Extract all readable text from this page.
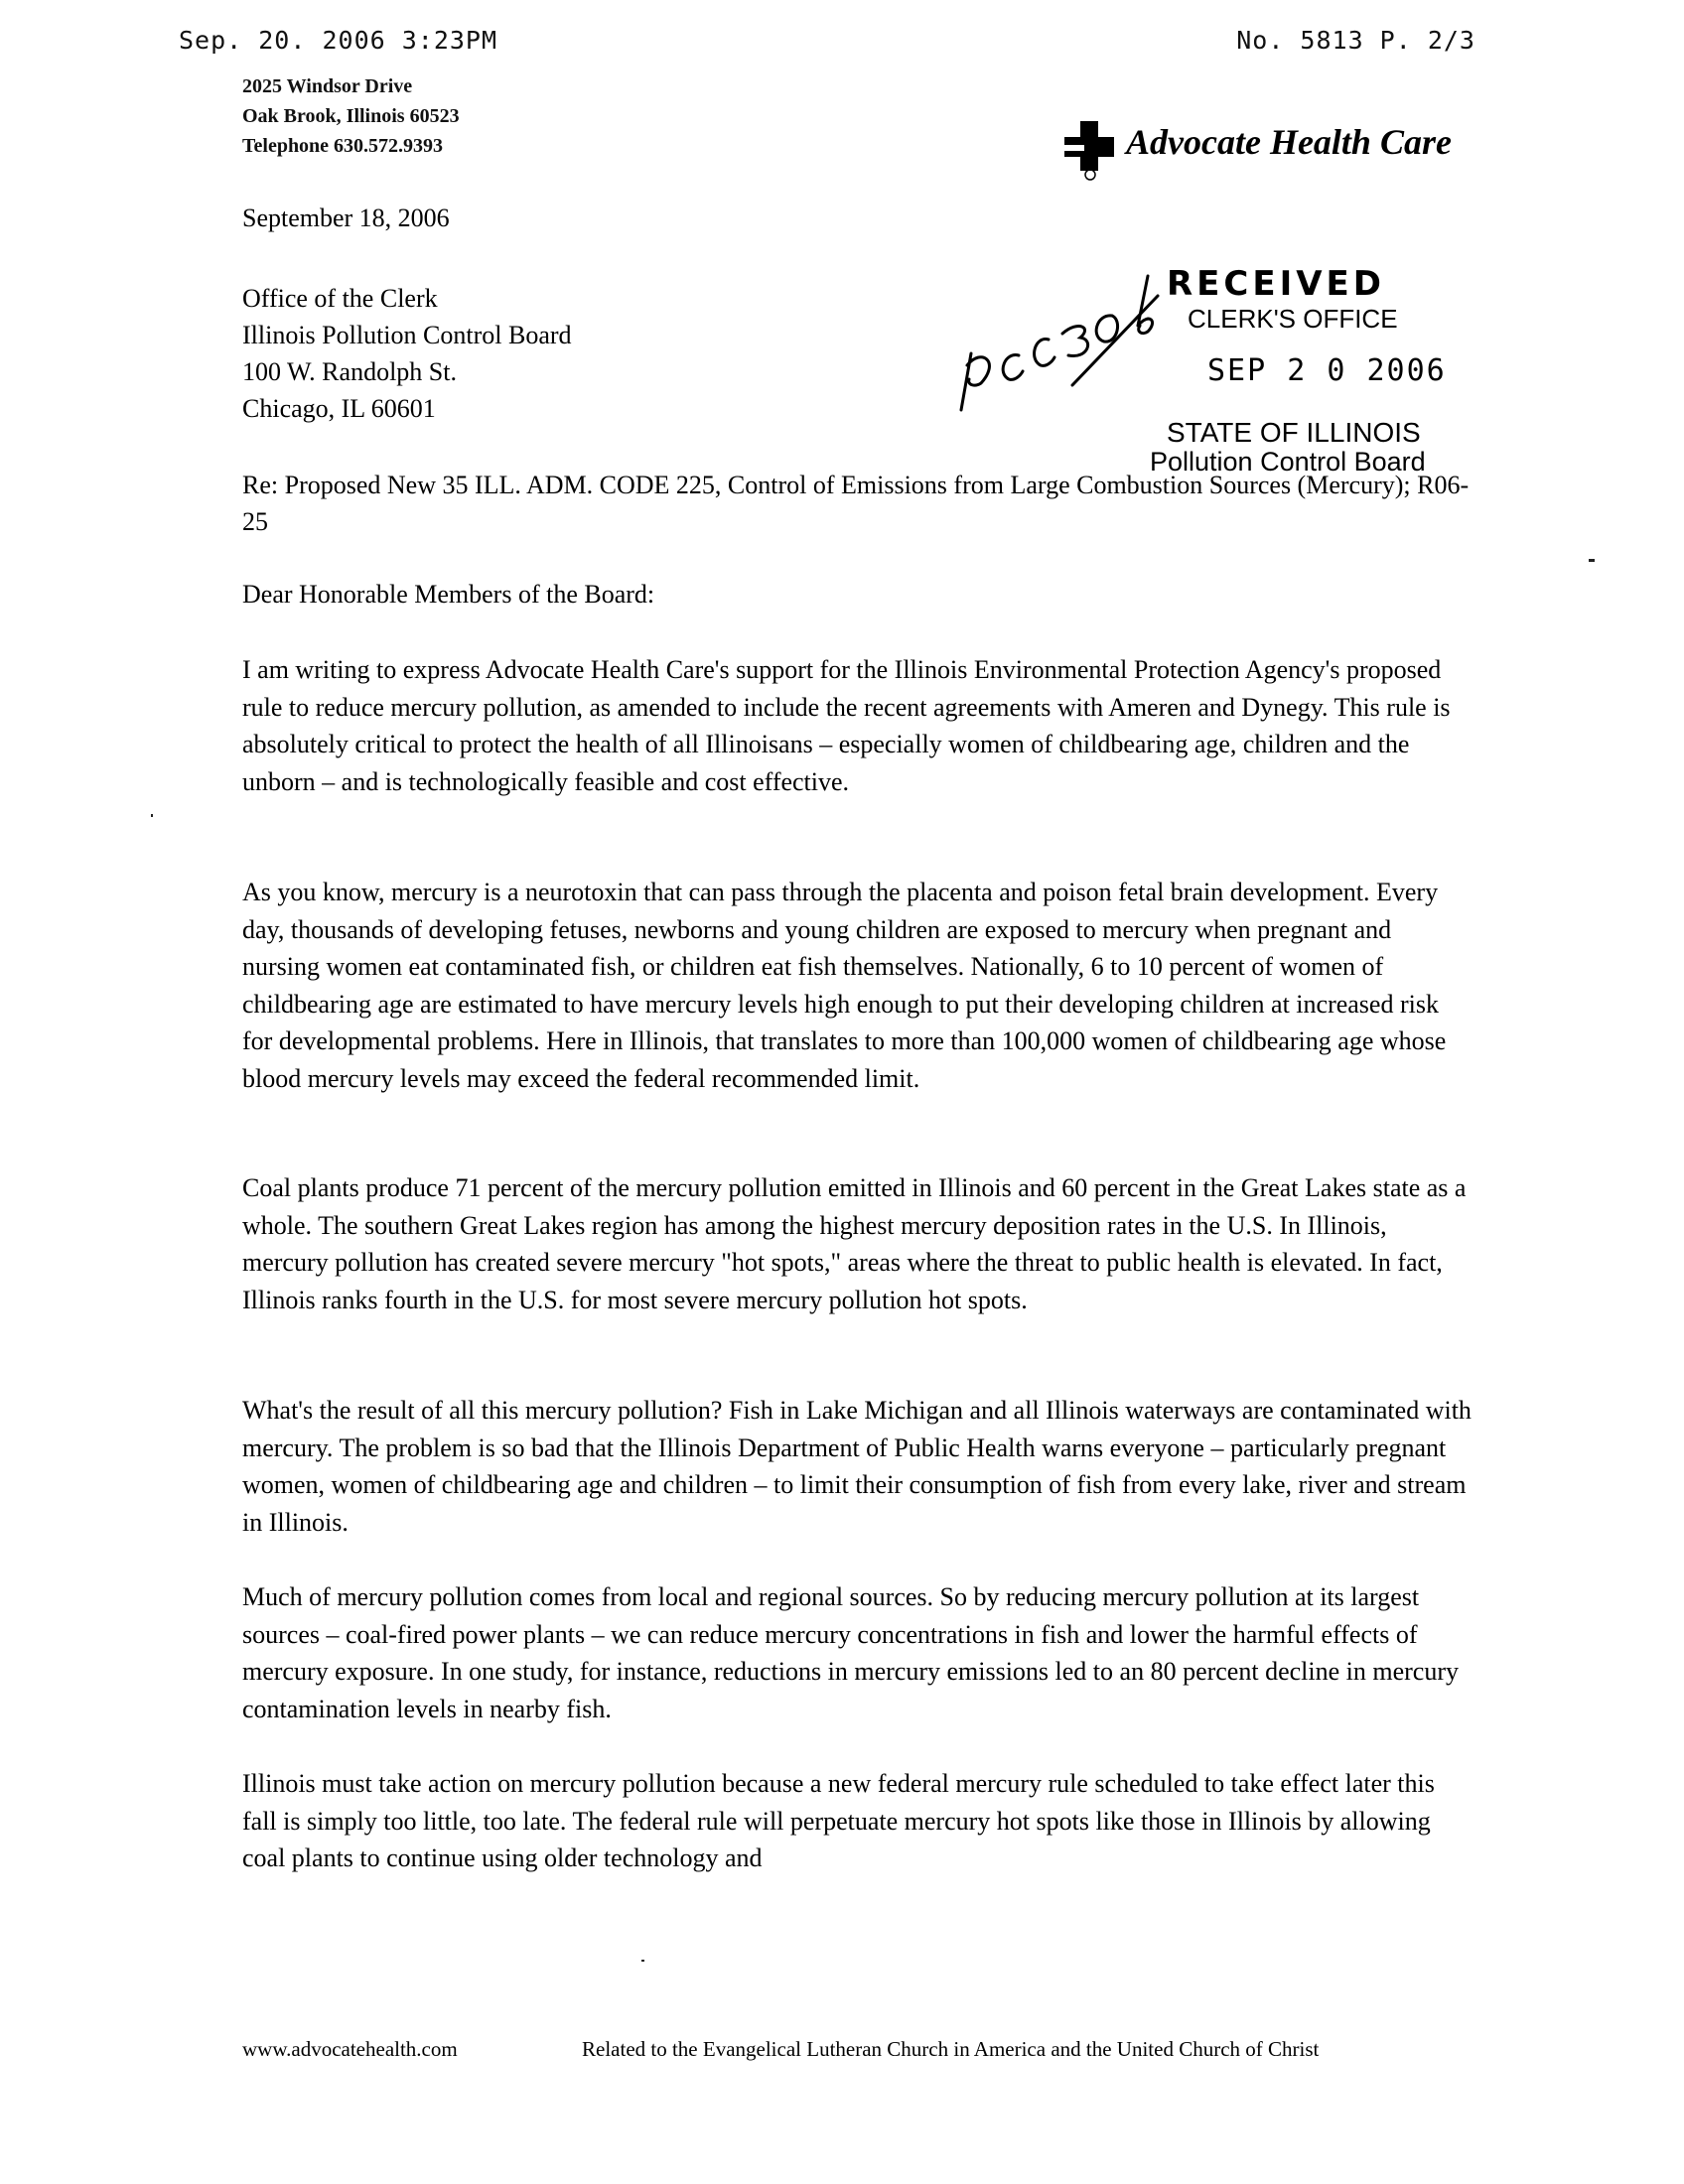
Sep. 20. 2006 3:23PM	No. 5813 P. 2/3
2025 Windsor Drive
Oak Brook, Illinois 60523
Telephone 630.572.9393	Advocate Health Care
September 18, 2006
Office of the Clerk
Illinois Pollution Control Board
100 W. Randolph St.
Chicago, IL 60601
PC 6306
RECEIVED
CLERK'S OFFICE
SEP 2 0 2006
STATE OF ILLINOIS
Pollution Control Board
Re: Proposed New 35 ILL. ADM. CODE 225, Control of Emissions from Large Combustion Sources (Mercury); R06-25
Dear Honorable Members of the Board:
I am writing to express Advocate Health Care's support for the Illinois Environmental Protection Agency's proposed rule to reduce mercury pollution, as amended to include the recent agreements with Ameren and Dynegy. This rule is absolutely critical to protect the health of all Illinoisans – especially women of childbearing age, children and the unborn – and is technologically feasible and cost effective.
As you know, mercury is a neurotoxin that can pass through the placenta and poison fetal brain development. Every day, thousands of developing fetuses, newborns and young children are exposed to mercury when pregnant and nursing women eat contaminated fish, or children eat fish themselves. Nationally, 6 to 10 percent of women of childbearing age are estimated to have mercury levels high enough to put their developing children at increased risk for developmental problems. Here in Illinois, that translates to more than 100,000 women of childbearing age whose blood mercury levels may exceed the federal recommended limit.
Coal plants produce 71 percent of the mercury pollution emitted in Illinois and 60 percent in the Great Lakes state as a whole. The southern Great Lakes region has among the highest mercury deposition rates in the U.S. In Illinois, mercury pollution has created severe mercury "hot spots," areas where the threat to public health is elevated. In fact, Illinois ranks fourth in the U.S. for most severe mercury pollution hot spots.
What's the result of all this mercury pollution? Fish in Lake Michigan and all Illinois waterways are contaminated with mercury. The problem is so bad that the Illinois Department of Public Health warns everyone – particularly pregnant women, women of childbearing age and children – to limit their consumption of fish from every lake, river and stream in Illinois.
Much of mercury pollution comes from local and regional sources. So by reducing mercury pollution at its largest sources – coal-fired power plants – we can reduce mercury concentrations in fish and lower the harmful effects of mercury exposure. In one study, for instance, reductions in mercury emissions led to an 80 percent decline in mercury contamination levels in nearby fish.
Illinois must take action on mercury pollution because a new federal mercury rule scheduled to take effect later this fall is simply too little, too late. The federal rule will perpetuate mercury hot spots like those in Illinois by allowing coal plants to continue using older technology and
www.advocatehealth.com	Related to the Evangelical Lutheran Church in America and the United Church of Christ
